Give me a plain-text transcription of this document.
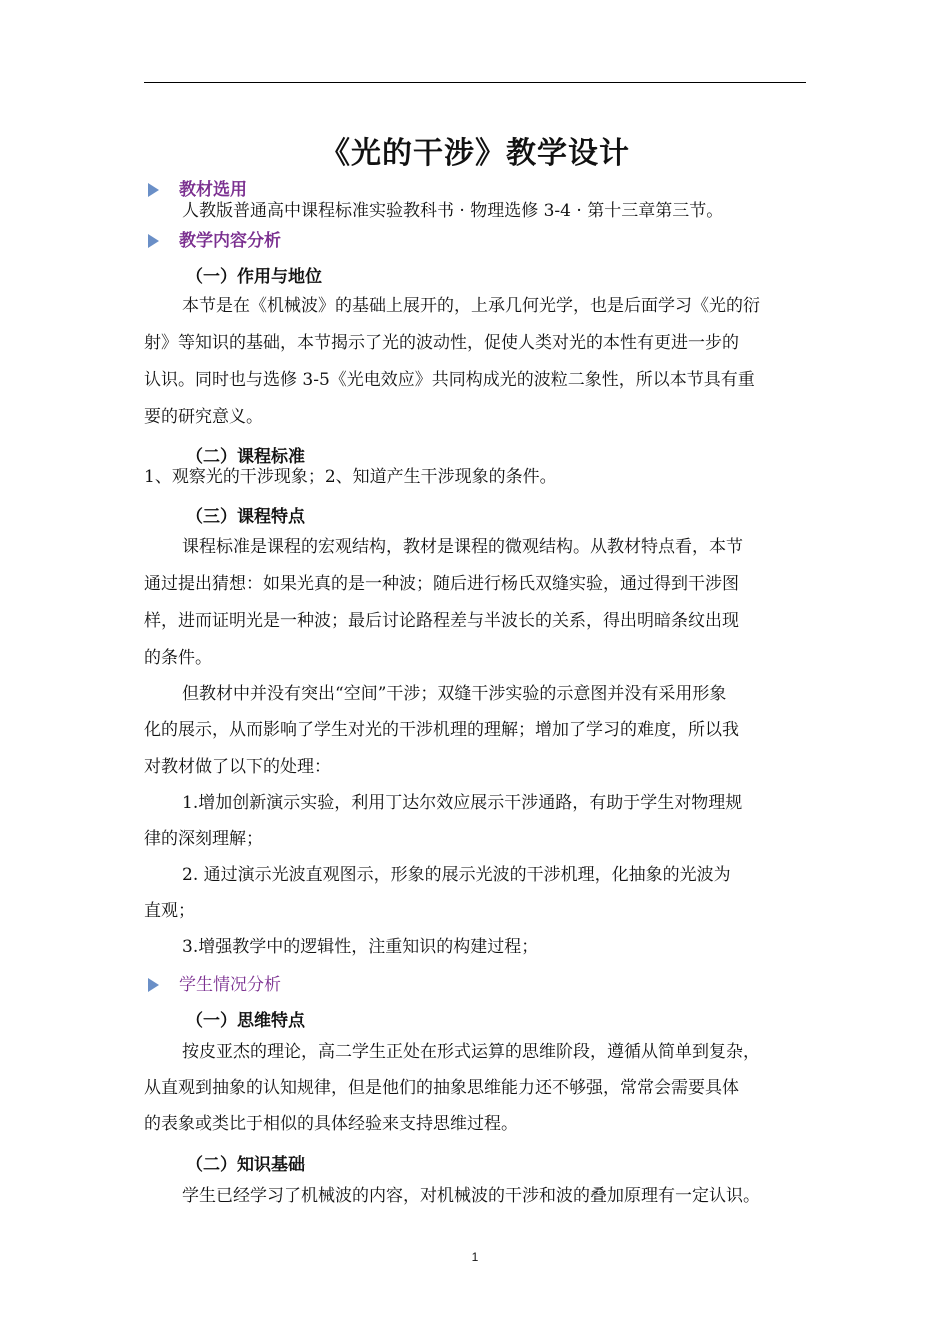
《光的干涉》教学设计
教材选用
人教版普通高中课程标准实验教科书 · 物理选修 3-4 · 第十三章第三节。
教学内容分析
（一）作用与地位
本节是在《机械波》的基础上展开的，上承几何光学，也是后面学习《光的衍
射》等知识的基础，本节揭示了光的波动性，促使人类对光的本性有更进一步的
认识。同时也与选修 3-5《光电效应》共同构成光的波粒二象性，所以本节具有重
要的研究意义。
（二）课程标准
1、观察光的干涉现象；2、知道产生干涉现象的条件。
（三）课程特点
课程标准是课程的宏观结构，教材是课程的微观结构。从教材特点看，本节
通过提出猜想：如果光真的是一种波；随后进行杨氏双缝实验，通过得到干涉图
样，进而证明光是一种波；最后讨论路程差与半波长的关系，得出明暗条纹出现
的条件。
但教材中并没有突出“空间”干涉；双缝干涉实验的示意图并没有采用形象
化的展示，从而影响了学生对光的干涉机理的理解；增加了学习的难度，所以我
对教材做了以下的处理：
1.增加创新演示实验，利用丁达尔效应展示干涉通路，有助于学生对物理规
律的深刻理解；
2. 通过演示光波直观图示，形象的展示光波的干涉机理，化抽象的光波为
直观；
3.增强教学中的逻辑性，注重知识的构建过程；
学生情况分析
（一）思维特点
按皮亚杰的理论，高二学生正处在形式运算的思维阶段，遵循从简单到复杂，
从直观到抽象的认知规律，但是他们的抽象思维能力还不够强，常常会需要具体
的表象或类比于相似的具体经验来支持思维过程。
（二）知识基础
学生已经学习了机械波的内容，对机械波的干涉和波的叠加原理有一定认识。
1
